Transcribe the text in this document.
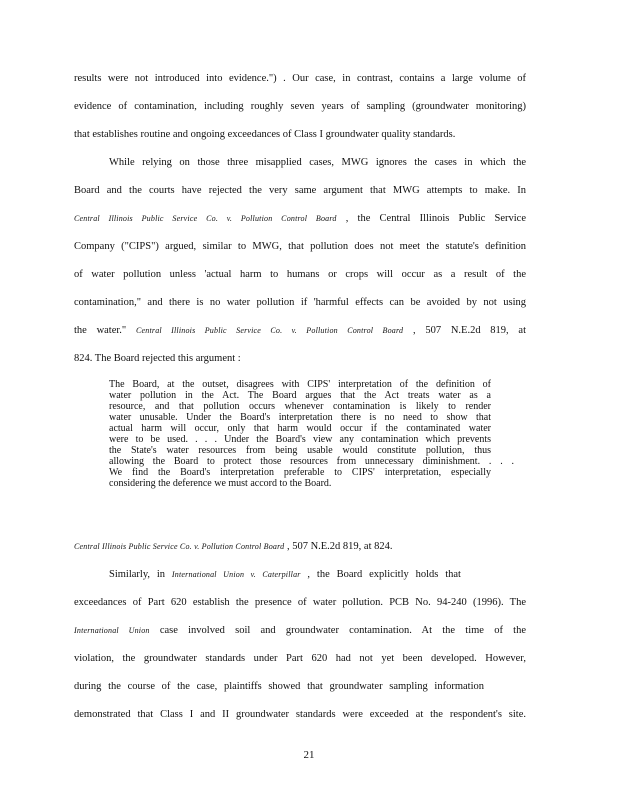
results were not introduced into evidence.") . Our case, in contrast, contains a large volume of
evidence of contamination, including roughly seven years of sampling (groundwater monitoring)
that establishes routine and ongoing exceedances of Class I groundwater quality standards.
While relying on those three misapplied cases, MWG ignores the cases in which the
Board and the courts have rejected the very same argument that MWG attempts to make. In
Central Illinois Public Service Co. v. Pollution Control Board , the Central Illinois Public Service
Company ("CIPS") argued, similar to MWG, that pollution does not meet the statute's definition
of water pollution unless 'actual harm to humans or crops will occur as a result of the
contamination," and there is no water pollution if 'harmful effects can be avoided by not using
the water." Central Illinois Public Service Co. v. Pollution Control Board , 507 N.E.2d 819, at
824. The Board rejected this argument :
The Board, at the outset, disagrees with CIPS' interpretation of the definition of
water pollution in the Act. The Board argues that the Act treats water as a
resource, and that pollution occurs whenever contamination is likely to render
water unusable. Under the Board's interpretation there is no need to show that
actual harm will occur, only that harm would occur if the contaminated water
were to be used. . . . Under the Board's view any contamination which prevents
the State's water resources from being usable would constitute pollution, thus
allowing the Board to protect those resources from unnecessary diminishment. . . .
We find the Board's interpretation preferable to CIPS' interpretation, especially
considering the deference we must accord to the Board.
Central Illinois Public Service Co. v. Pollution Control Board , 507 N.E.2d 819, at 824.
Similarly, in International Union v. Caterpillar , the Board explicitly holds that
exceedances of Part 620 establish the presence of water pollution. PCB No. 94-240 (1996). The
International Union case involved soil and groundwater contamination. At the time of the
violation, the groundwater standards under Part 620 had not yet been developed. However,
during the course of the case, plaintiffs showed that groundwater sampling information
demonstrated that Class I and II groundwater standards were exceeded at the respondent's site.
21
